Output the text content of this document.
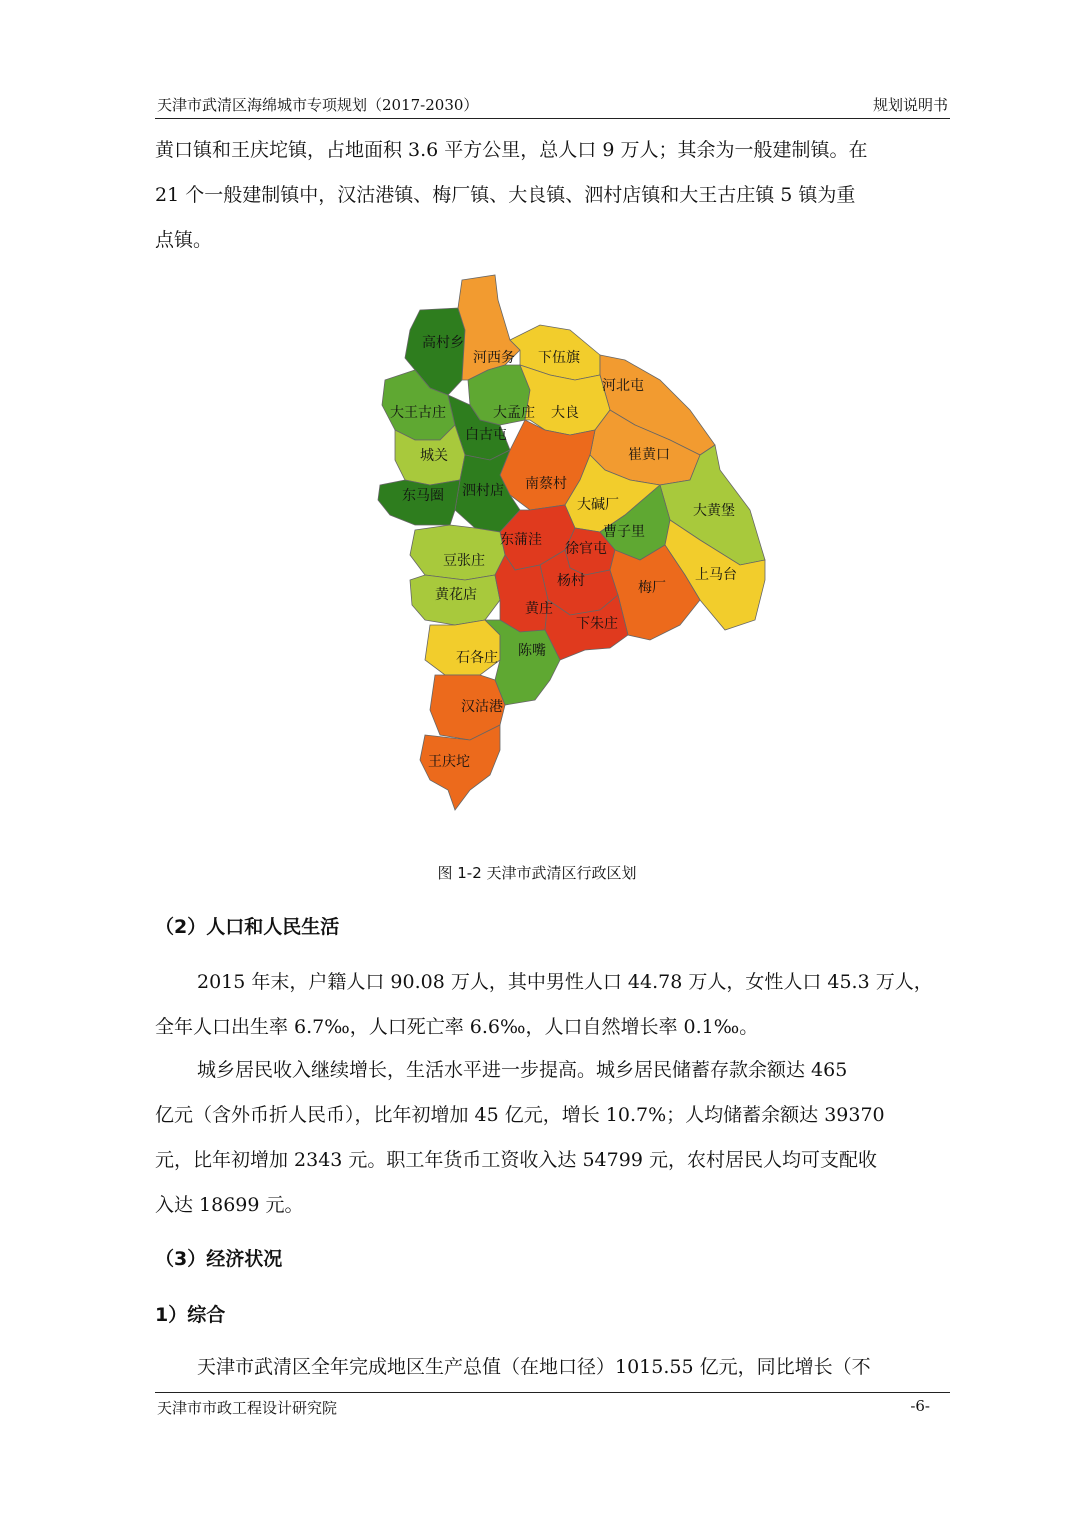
天津市武清区海绵城市专项规划（2017-2030）	规划说明书
黄口镇和王庆坨镇，占地面积 3.6 平方公里，总人口 9 万人；其余为一般建制镇。在
21 个一般建制镇中，汉沽港镇、梅厂镇、大良镇、泗村店镇和大王古庄镇 5 镇为重
点镇。
高村乡
河西务 下伍旗
河北屯
大王古庄	大孟庄 大良
白古屯
城关	崔黄口
南蔡村
泗村店
东马圈
大碱厂	大黄堡
曹子里
东蒲洼
徐官屯
豆张庄
杨村	上马台
梅厂
黄花店
黄庄
下朱庄
石各庄 陈嘴
汉沽港
王庆坨
图 1-2 天津市武清区行政区划
（2）人口和人民生活
2015 年末，户籍人口 90.08 万人，其中男性人口 44.78 万人，女性人口 45.3 万人，
全年人口出生率 6.7‰，人口死亡率 6.6‰，人口自然增长率 0.1‰。
城乡居民收入继续增长，生活水平进一步提高。城乡居民储蓄存款余额达 465
亿元（含外币折人民币），比年初增加 45 亿元，增长 10.7%；人均储蓄余额达 39370
元，比年初增加 2343 元。职工年货币工资收入达 54799 元，农村居民人均可支配收
入达 18699 元。
（3）经济状况
1）综合
天津市武清区全年完成地区生产总值（在地口径）1015.55 亿元，同比增长（不
天津市市政工程设计研究院	-6-
